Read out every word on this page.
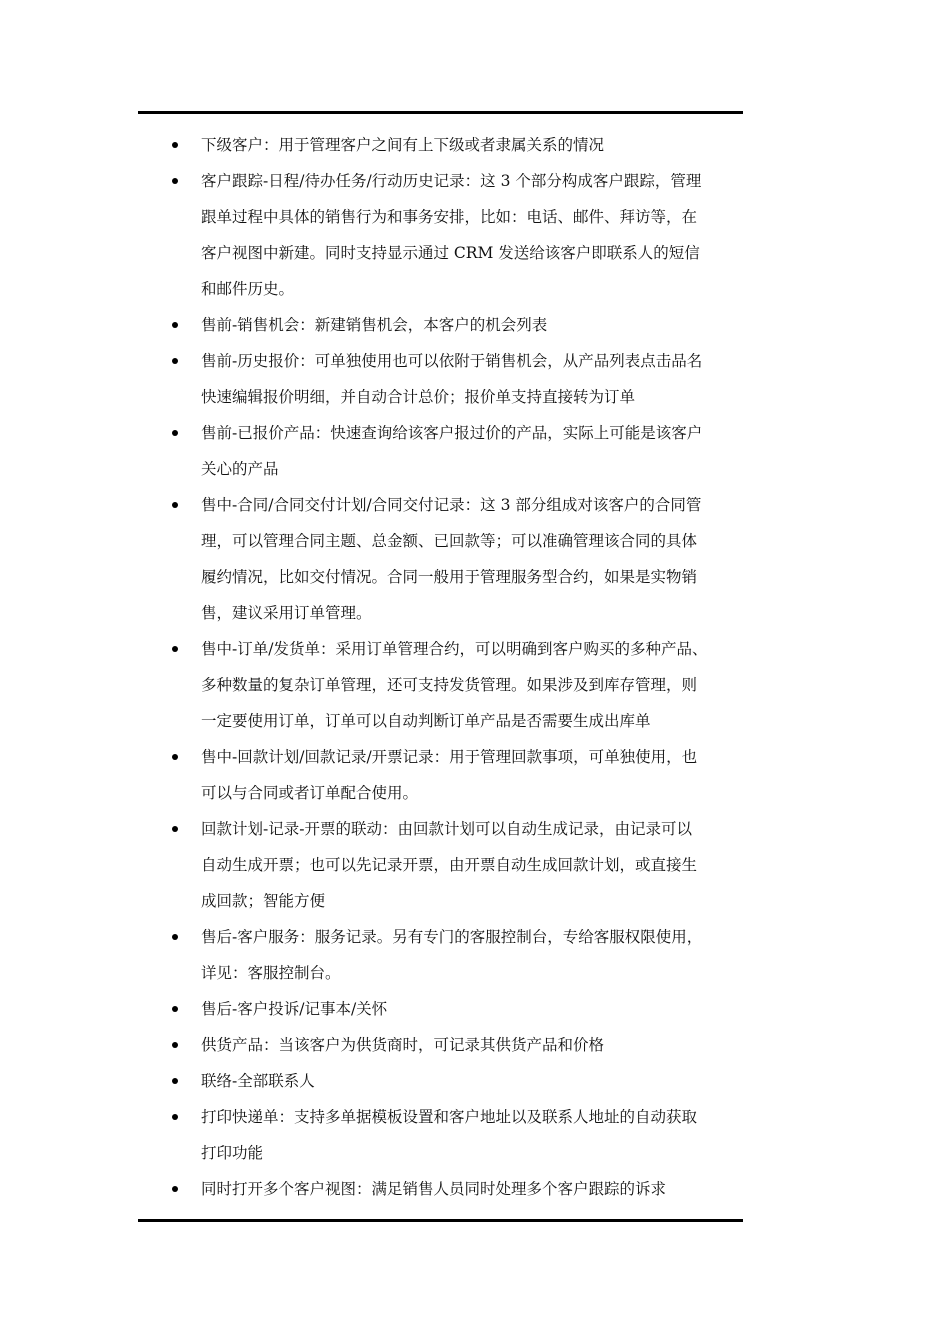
下级客户：用于管理客户之间有上下级或者隶属关系的情况
客户跟踪-日程/待办任务/行动历史记录：这 3 个部分构成客户跟踪，管理
跟单过程中具体的销售行为和事务安排，比如：电话、邮件、拜访等，在
客户视图中新建。同时支持显示通过 CRM 发送给该客户即联系人的短信
和邮件历史。
售前-销售机会：新建销售机会，本客户的机会列表
售前-历史报价：可单独使用也可以依附于销售机会，从产品列表点击品名
快速编辑报价明细，并自动合计总价；报价单支持直接转为订单
售前-已报价产品：快速查询给该客户报过价的产品，实际上可能是该客户
关心的产品
售中-合同/合同交付计划/合同交付记录：这 3 部分组成对该客户的合同管
理，可以管理合同主题、总金额、已回款等；可以准确管理该合同的具体
履约情况，比如交付情况。合同一般用于管理服务型合约，如果是实物销
售，建议采用订单管理。
售中-订单/发货单：采用订单管理合约，可以明确到客户购买的多种产品、
多种数量的复杂订单管理，还可支持发货管理。如果涉及到库存管理，则
一定要使用订单，订单可以自动判断订单产品是否需要生成出库单
售中-回款计划/回款记录/开票记录：用于管理回款事项，可单独使用，也
可以与合同或者订单配合使用。
回款计划-记录-开票的联动：由回款计划可以自动生成记录，由记录可以
自动生成开票；也可以先记录开票，由开票自动生成回款计划，或直接生
成回款；智能方便
售后-客户服务：服务记录。另有专门的客服控制台，专给客服权限使用，
详见：客服控制台。
售后-客户投诉/记事本/关怀
供货产品：当该客户为供货商时，可记录其供货产品和价格
联络-全部联系人
打印快递单：支持多单据模板设置和客户地址以及联系人地址的自动获取
打印功能
同时打开多个客户视图：满足销售人员同时处理多个客户跟踪的诉求
